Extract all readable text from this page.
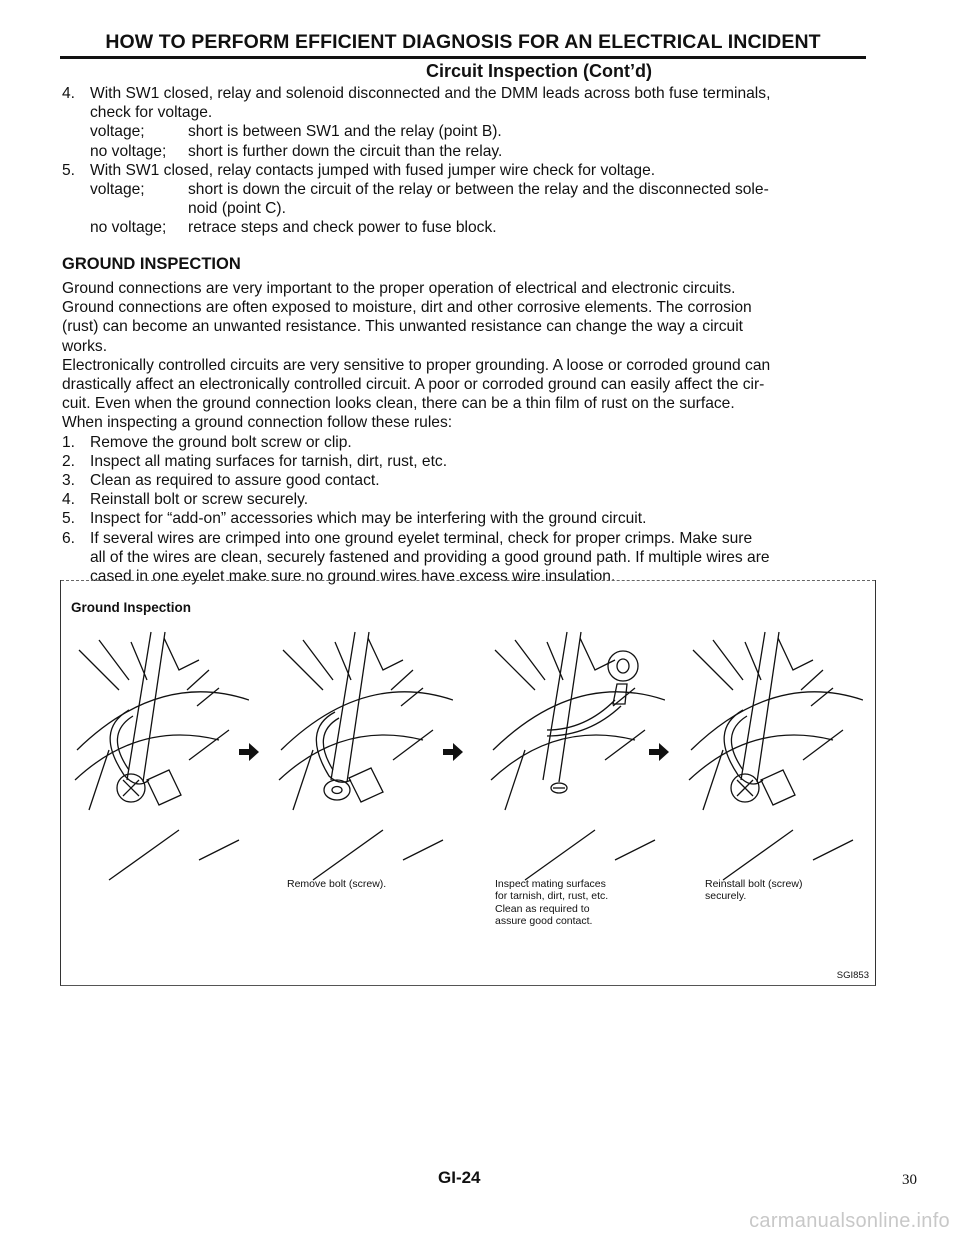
HOW TO PERFORM EFFICIENT DIAGNOSIS FOR AN ELECTRICAL INCIDENT
Circuit Inspection (Cont’d)
4. With SW1 closed, relay and solenoid disconnected and the DMM leads across both fuse terminals,
check for voltage.
voltage;	short is between SW1 and the relay (point B).
no voltage; short is further down the circuit than the relay.
5. With SW1 closed, relay contacts jumped with fused jumper wire check for voltage.
voltage;	short is down the circuit of the relay or between the relay and the disconnected sole-
noid (point C).
no voltage; retrace steps and check power to fuse block.
GROUND INSPECTION
Ground connections are very important to the proper operation of electrical and electronic circuits.
Ground connections are often exposed to moisture, dirt and other corrosive elements. The corrosion
(rust) can become an unwanted resistance. This unwanted resistance can change the way a circuit
works.
Electronically controlled circuits are very sensitive to proper grounding. A loose or corroded ground can
drastically affect an electronically controlled circuit. A poor or corroded ground can easily affect the cir-
cuit. Even when the ground connection looks clean, there can be a thin film of rust on the surface.
When inspecting a ground connection follow these rules:
1. Remove the ground bolt screw or clip.
2. Inspect all mating surfaces for tarnish, dirt, rust, etc.
3. Clean as required to assure good contact.
4. Reinstall bolt or screw securely.
5. Inspect for “add-on” accessories which may be interfering with the ground circuit.
6. If several wires are crimped into one ground eyelet terminal, check for proper crimps. Make sure
all of the wires are clean, securely fastened and providing a good ground path. If multiple wires are
cased in one eyelet make sure no ground wires have excess wire insulation.
Ground Inspection
Remove bolt (screw).	Inspect mating surfaces
for tarnish, dirt, rust, etc.
Clean as required to
assure good contact.
Reinstall bolt (screw)
securely.
SGI853
GI-24	30
carmanualsonline.info
